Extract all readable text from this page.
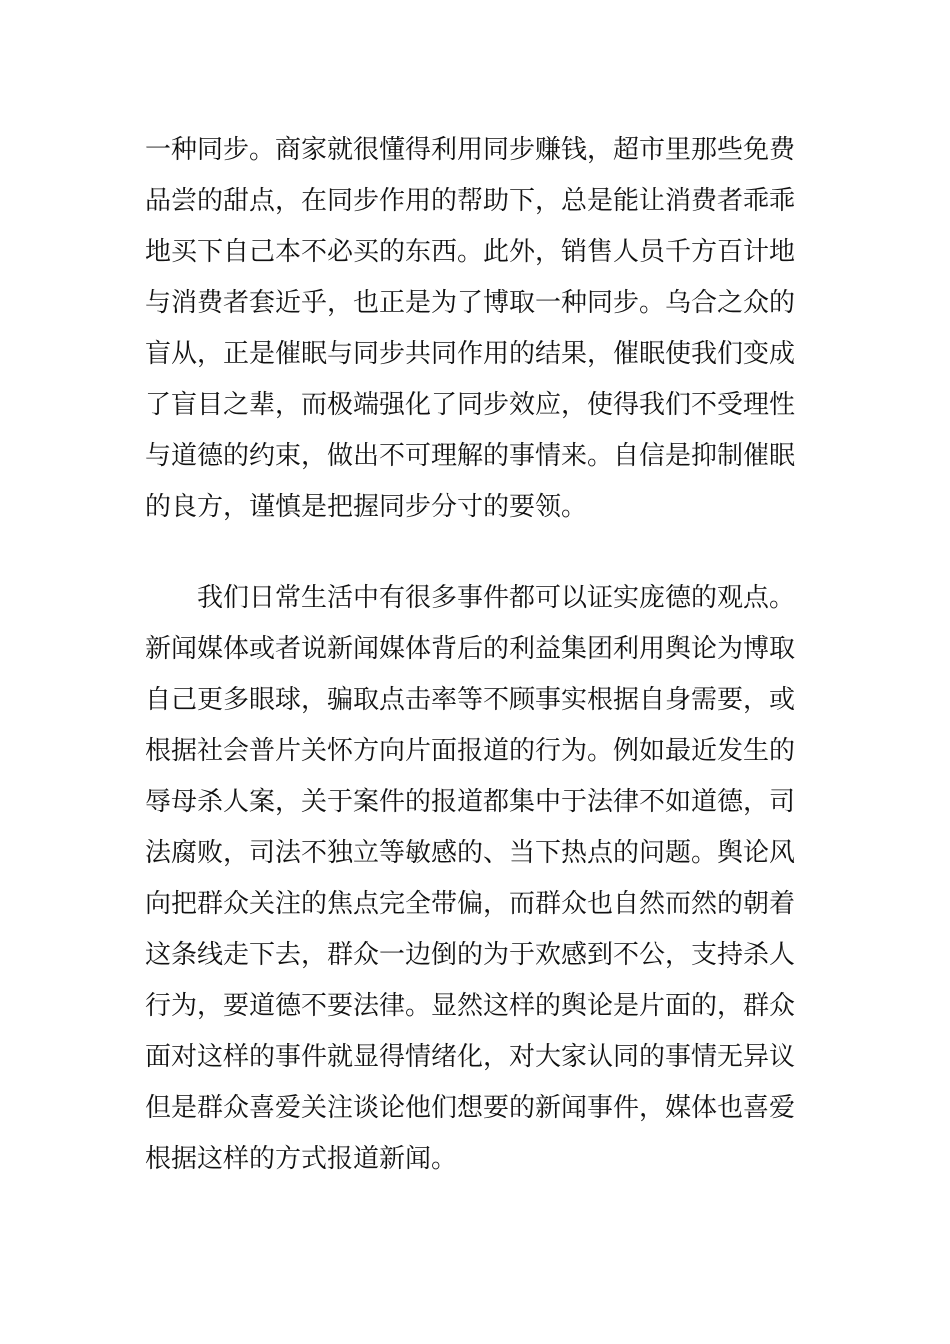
一种同步。商家就很懂得利用同步赚钱，超市里那些免费
品尝的甜点，在同步作用的帮助下，总是能让消费者乖乖
地买下自己本不必买的东西。此外，销售人员千方百计地
与消费者套近乎，也正是为了博取一种同步。乌合之众的
盲从，正是催眠与同步共同作用的结果，催眠使我们变成
了盲目之辈，而极端强化了同步效应，使得我们不受理性
与道德的约束，做出不可理解的事情来。自信是抑制催眠
的良方，谨慎是把握同步分寸的要领。
　　我们日常生活中有很多事件都可以证实庞德的观点。
新闻媒体或者说新闻媒体背后的利益集团利用舆论为博取
自己更多眼球，骗取点击率等不顾事实根据自身需要，或
根据社会普片关怀方向片面报道的行为。例如最近发生的
辱母杀人案，关于案件的报道都集中于法律不如道德，司
法腐败，司法不独立等敏感的、当下热点的问题。舆论风
向把群众关注的焦点完全带偏，而群众也自然而然的朝着
这条线走下去，群众一边倒的为于欢感到不公，支持杀人
行为，要道德不要法律。显然这样的舆论是片面的，群众
面对这样的事件就显得情绪化，对大家认同的事情无异议
但是群众喜爱关注谈论他们想要的新闻事件，媒体也喜爱
根据这样的方式报道新闻。
